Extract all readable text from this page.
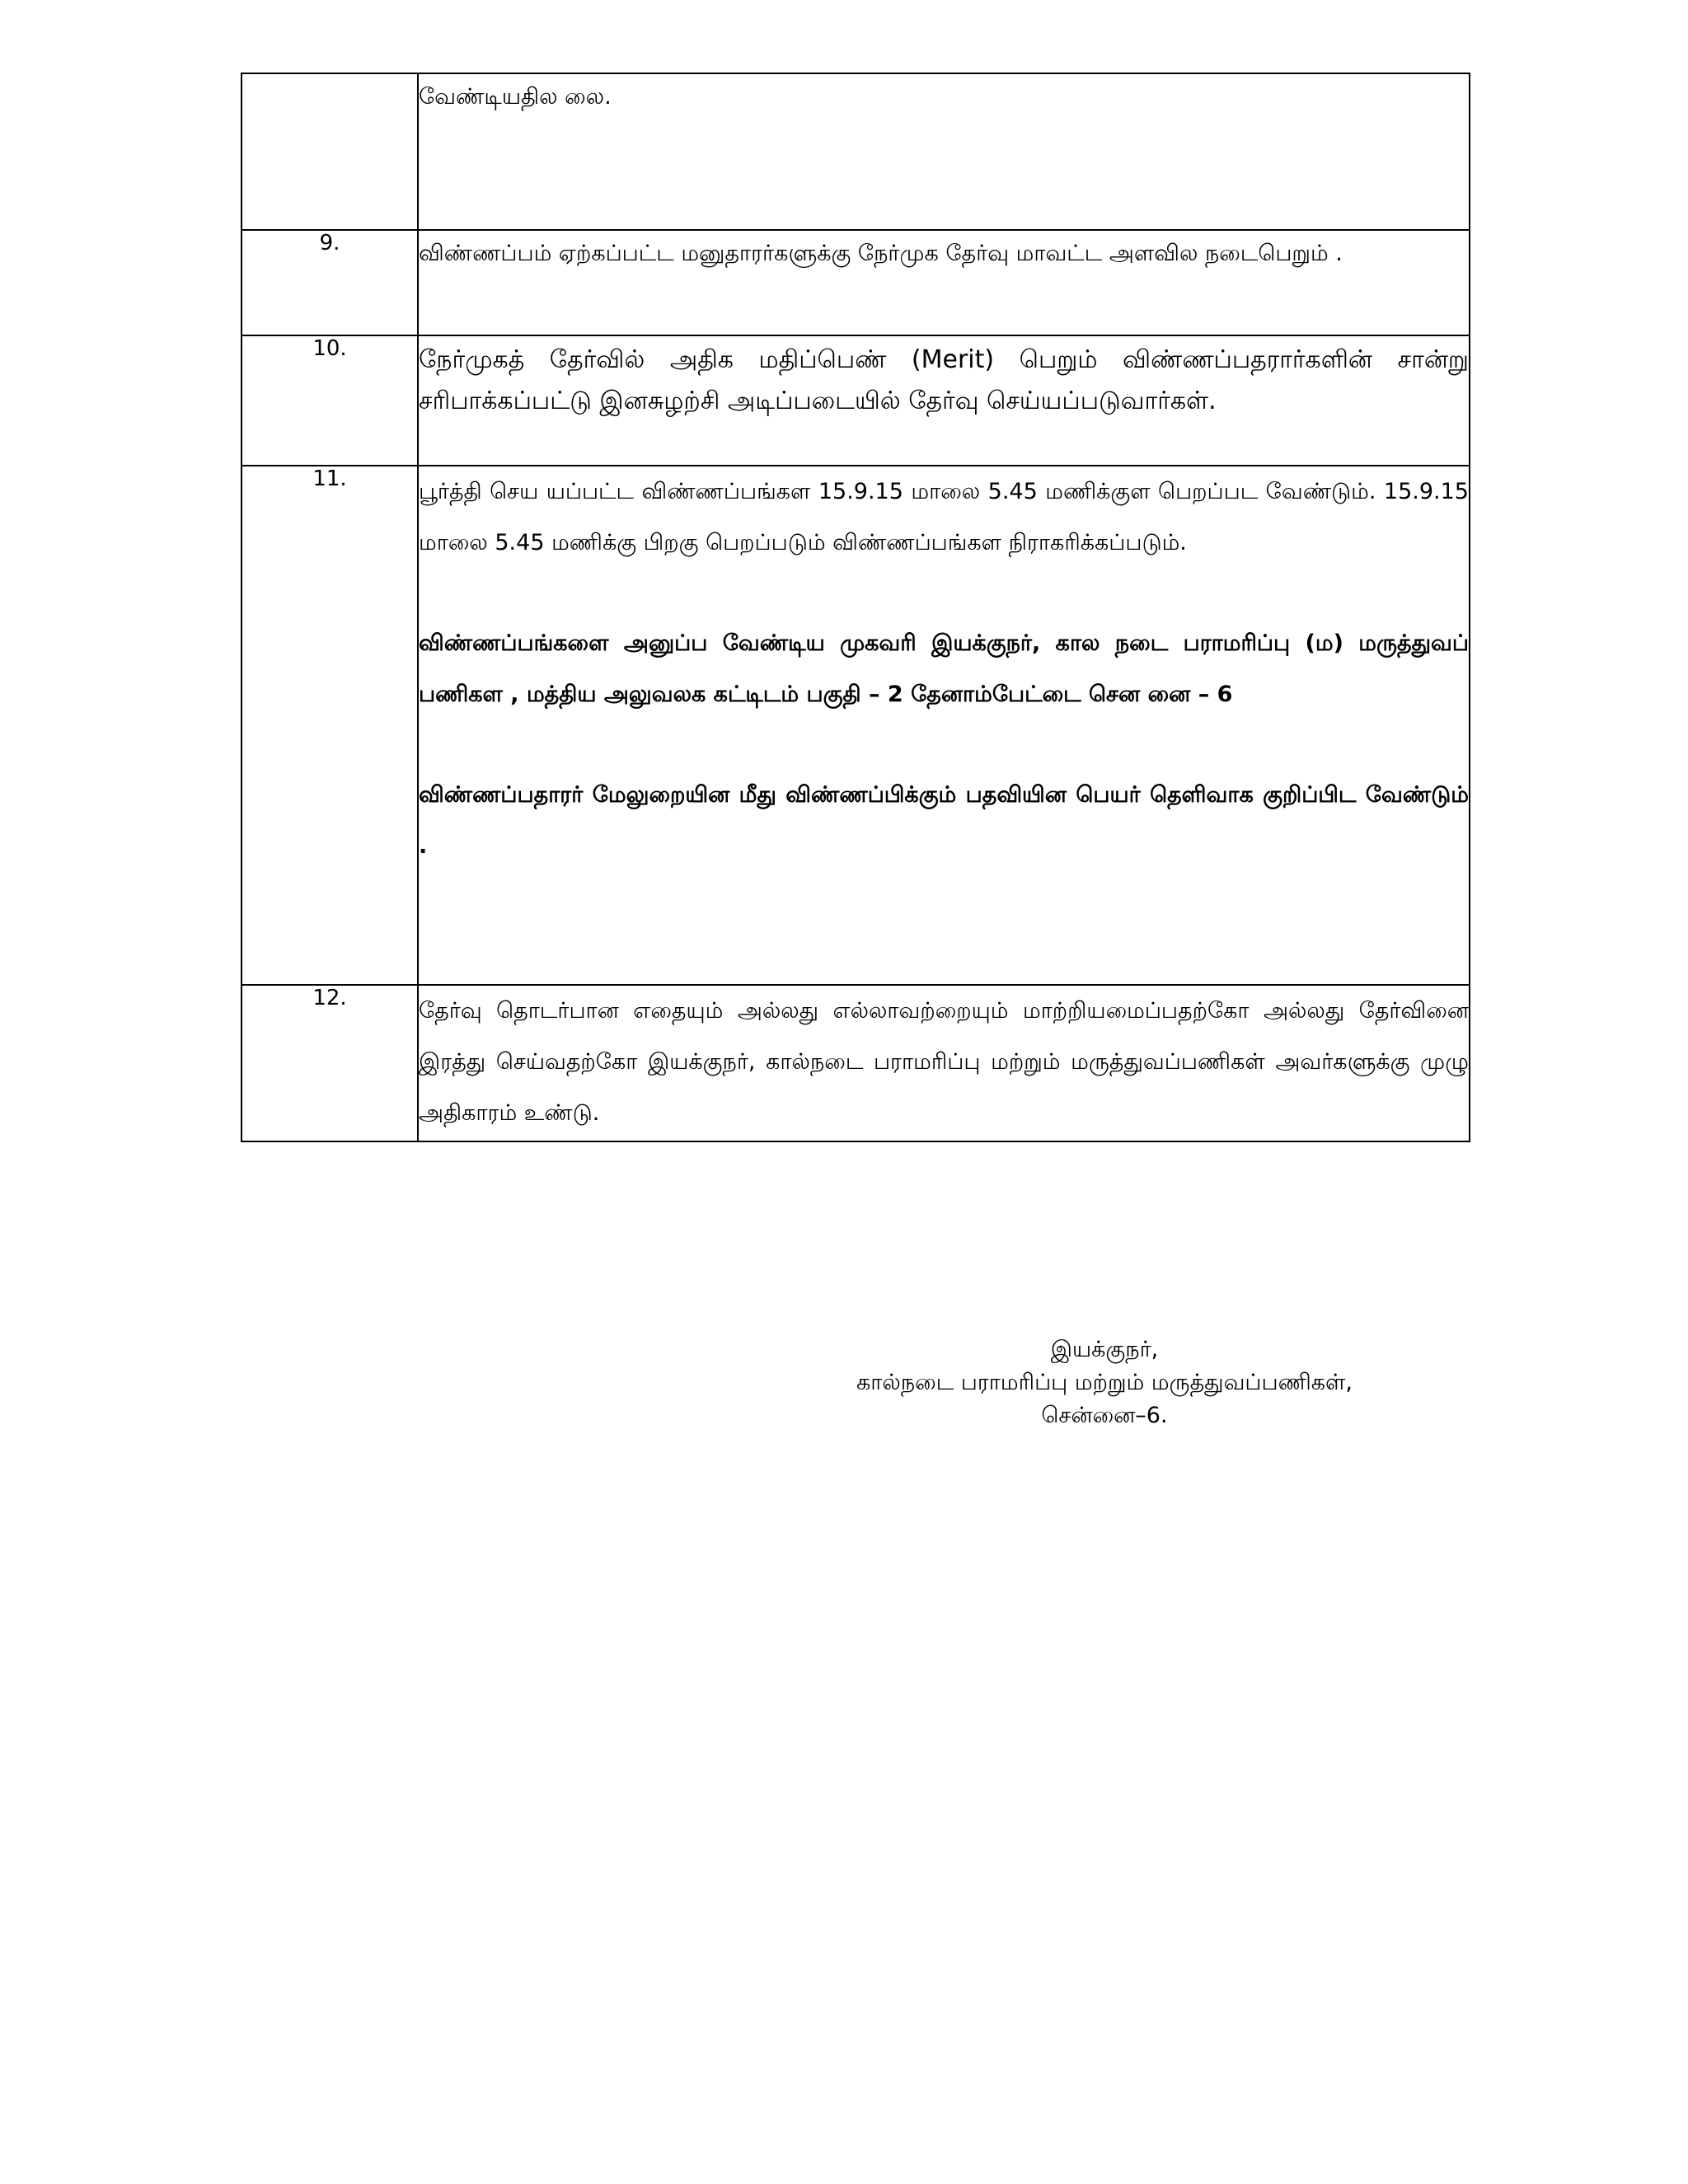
	வேண்டியதில லை.

9.	விண்ணப்பம் ஏற்கப்பட்ட மனுதாரர்களுக்கு நேர்முக தேர்வு மாவட்ட அளவில நடைபெறும் .

10.	நேர்முகத் தேர்வில் அதிக மதிப்பெண் (Merit) பெறும் விண்ணப்பதரார்களின் சான்று சரிபாக்கப்பட்டு இனசுழற்சி அடிப்படையில் தேர்வு செய்யப்படுவார்கள்.

11.	பூர்த்தி செய யப்பட்ட விண்ணப்பங்கள 15.9.15 மாலை 5.45 மணிக்குள பெறப்பட வேண்டும். 15.9.15 மாலை 5.45 மணிக்கு பிறகு பெறப்படும் விண்ணப்பங்கள நிராகரிக்கப்படும்.

விண்ணப்பங்களை அனுப்ப வேண்டிய முகவரி இயக்குநர், கால நடை பராமரிப்பு (ம) மருத்துவப் பணிகள , மத்திய அலுவலக கட்டிடம் பகுதி – 2 தேனாம்பேட்டை சென னை – 6

விண்ணப்பதாரர் மேலுறையின மீது விண்ணப்பிக்கும் பதவியின பெயர் தெளிவாக குறிப்பிட வேண்டும் .

12.	தேர்வு தொடர்பான எதையும் அல்லது எல்லாவற்றையும் மாற்றியமைப்பதற்கோ அல்லது தேர்வினை இரத்து செய்வதற்கோ இயக்குநர், கால்நடை பராமரிப்பு மற்றும் மருத்துவப்பணிகள் அவர்களுக்கு முழு அதிகாரம் உண்டு.

இயக்குநர்,
கால்நடை பராமரிப்பு மற்றும் மருத்துவப்பணிகள்,
சென்னை–6.
